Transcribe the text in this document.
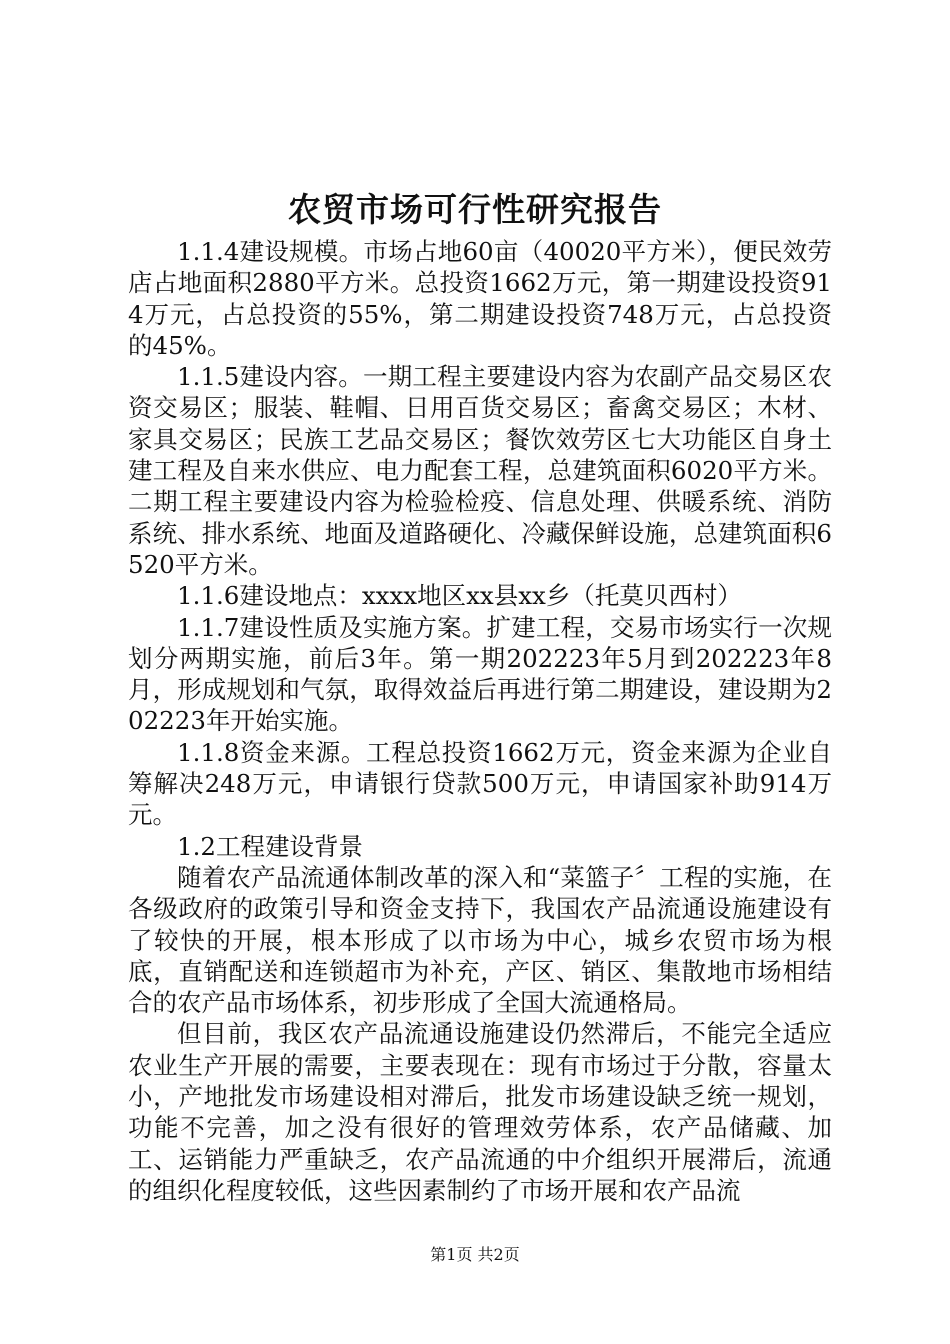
农贸市场可行性研究报告

1.1.4建设规模。市场占地60亩（40020平方米），便民效劳店占地面积2880平方米。总投资1662万元，第一期建设投资914万元，占总投资的55%，第二期建设投资748万元，占总投资的45%。

1.1.5建设内容。一期工程主要建设内容为农副产品交易区农资交易区；服装、鞋帽、日用百货交易区；畜禽交易区；木材、家具交易区；民族工艺品交易区；餐饮效劳区七大功能区自身土建工程及自来水供应、电力配套工程，总建筑面积6020平方米。二期工程主要建设内容为检验检疫、信息处理、供暖系统、消防系统、排水系统、地面及道路硬化、冷藏保鲜设施，总建筑面积6520平方米。

1.1.6建设地点：xxxx地区xx县xx乡（托莫贝西村）

1.1.7建设性质及实施方案。扩建工程，交易市场实行一次规划分两期实施，前后3年。第一期202223年5月到202223年8月，形成规划和气氛，取得效益后再进行第二期建设，建设期为202223年开始实施。

1.1.8资金来源。工程总投资1662万元，资金来源为企业自筹解决248万元，申请银行贷款500万元，申请国家补助914万元。

1.2工程建设背景

随着农产品流通体制改革的深入和“菜篮子〞工程的实施，在各级政府的政策引导和资金支持下，我国农产品流通设施建设有了较快的开展，根本形成了以市场为中心，城乡农贸市场为根底，直销配送和连锁超市为补充，产区、销区、集散地市场相结合的农产品市场体系，初步形成了全国大流通格局。

但目前，我区农产品流通设施建设仍然滞后，不能完全适应农业生产开展的需要，主要表现在：现有市场过于分散，容量太小，产地批发市场建设相对滞后，批发市场建设缺乏统一规划，功能不完善，加之没有很好的管理效劳体系，农产品储藏、加工、运销能力严重缺乏，农产品流通的中介组织开展滞后，流通的组织化程度较低，这些因素制约了市场开展和农产品流

第1页 共2页
